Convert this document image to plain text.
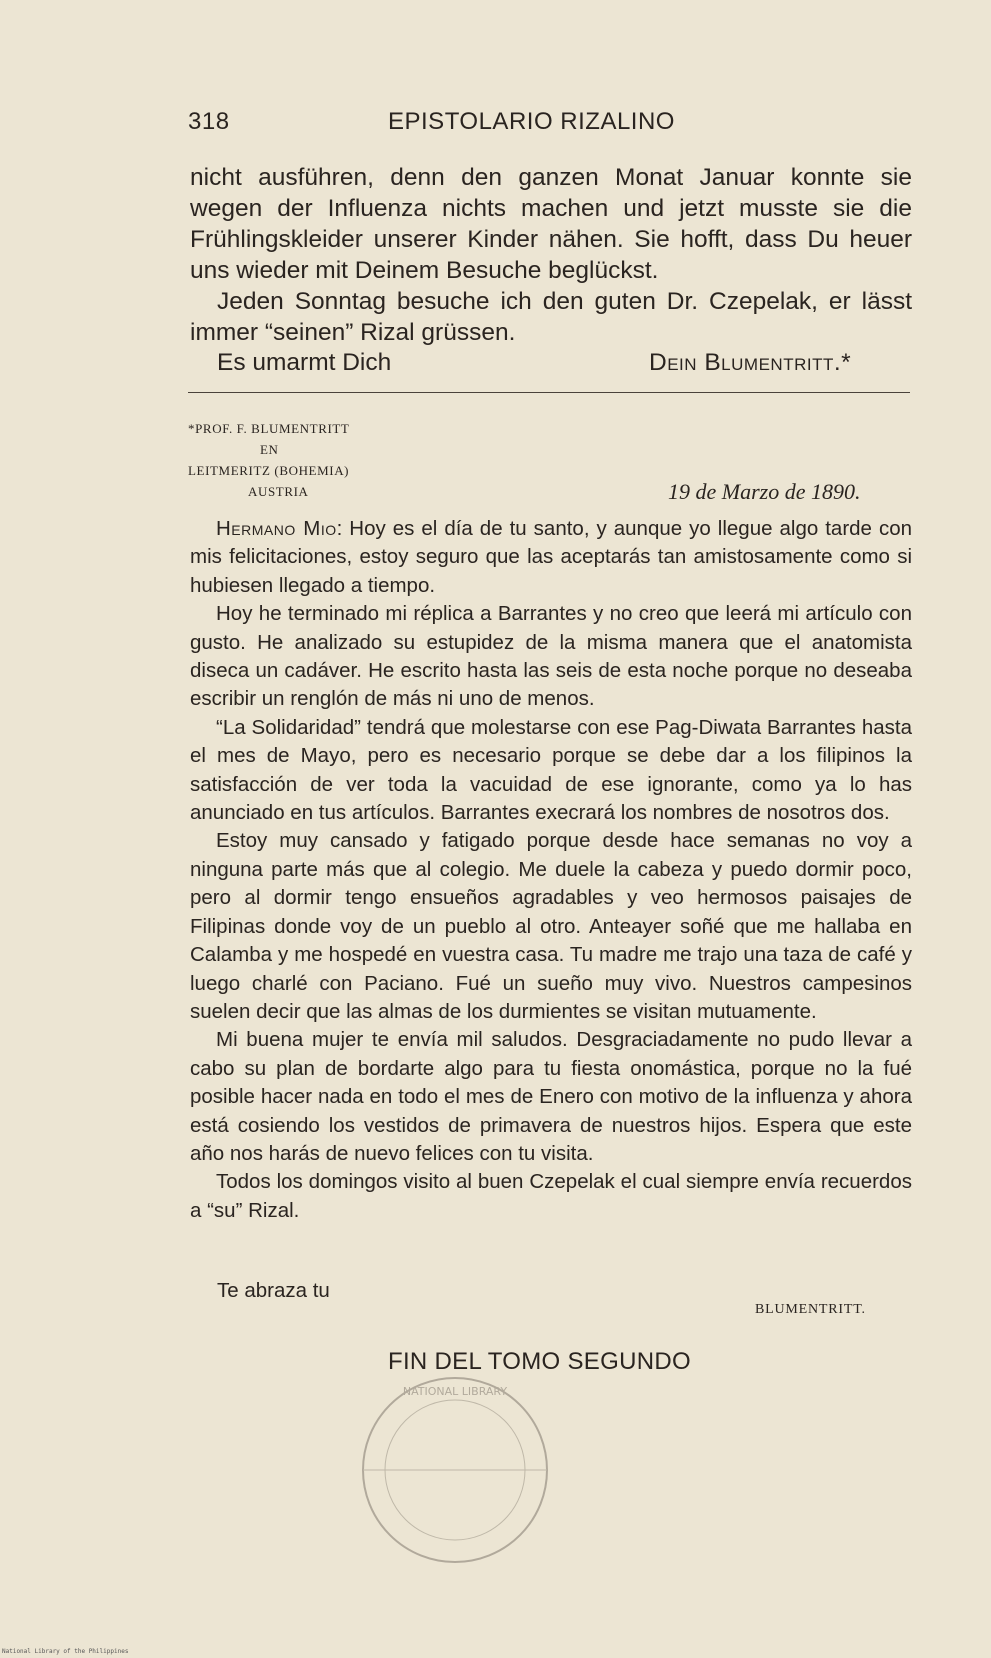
318	EPISTOLARIO RIZALINO

nicht ausführen, denn den ganzen Monat Januar konnte sie wegen der Influenza nichts machen und jetzt musste sie die Frühlingskleider unserer Kinder nähen. Sie hofft, dass Du heuer uns wieder mit Deinem Besuche beglückst.

Jeden Sonntag besuche ich den guten Dr. Czepelak, er lässt immer “seinen” Rizal grüssen.

Es umarmt Dich	Dein Blumentritt.*
*PROF. F. BLUMENTRITT
EN
LEITMERITZ (BOHEMIA)
AUSTRIA	19 de Marzo de 1890.

Hermano Mio: Hoy es el día de tu santo, y aunque yo llegue algo tarde con mis felicitaciones, estoy seguro que las aceptarás tan amistosamente como si hubiesen llegado a tiempo.

Hoy he terminado mi réplica a Barrantes y no creo que leerá mi artículo con gusto. He analizado su estupidez de la misma manera que el anatomista diseca un cadáver. He escrito hasta las seis de esta noche porque no deseaba escribir un renglón de más ni uno de menos.

“La Solidaridad” tendrá que molestarse con ese Pag-Diwata Barrantes hasta el mes de Mayo, pero es necesario porque se debe dar a los filipinos la satisfacción de ver toda la vacuidad de ese ignorante, como ya lo has anunciado en tus artículos. Barrantes execrará los nombres de nosotros dos.

Estoy muy cansado y fatigado porque desde hace semanas no voy a ninguna parte más que al colegio. Me duele la cabeza y puedo dormir poco, pero al dormir tengo ensueños agradables y veo hermosos paisajes de Filipinas donde voy de un pueblo al otro. Anteayer soñé que me hallaba en Calamba y me hospedé en vuestra casa. Tu madre me trajo una taza de café y luego charlé con Paciano. Fué un sueño muy vivo. Nuestros campesinos suelen decir que las almas de los durmientes se visitan mutuamente.

Mi buena mujer te envía mil saludos. Desgraciadamente no pudo llevar a cabo su plan de bordarte algo para tu fiesta onomástica, porque no la fué posible hacer nada en todo el mes de Enero con motivo de la influenza y ahora está cosiendo los vestidos de primavera de nuestros hijos. Espera que este año nos harás de nuevo felices con tu visita.

Todos los domingos visito al buen Czepelak el cual siempre envía recuerdos a “su” Rizal.

Te abraza tu
BLUMENTRITT.
FIN DEL TOMO SEGUNDO
NATIONAL LIBRARY
National Library of the Philippines
